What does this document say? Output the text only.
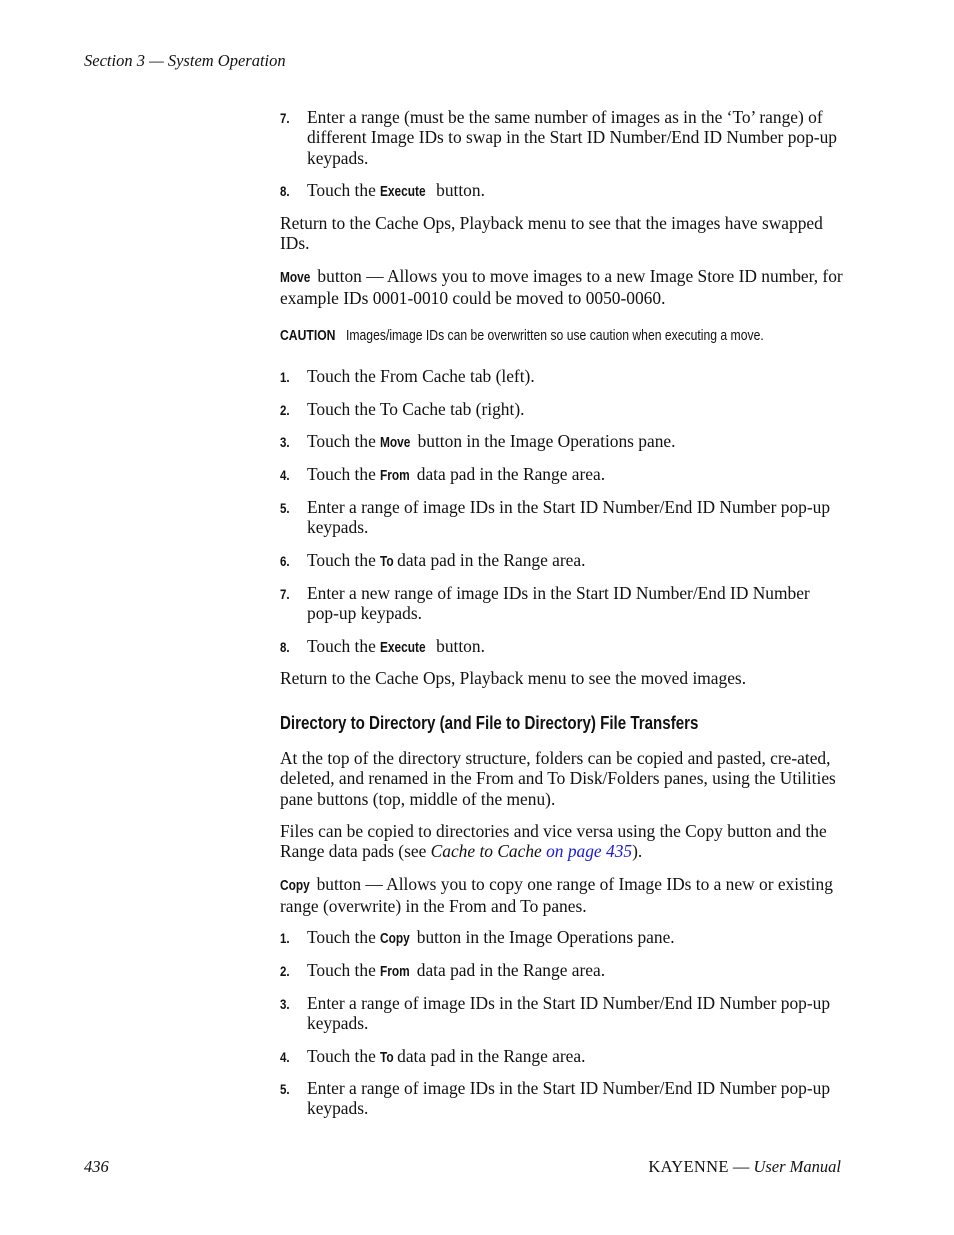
Section 3 — System Operation
7. Enter a range (must be the same number of images as in the ‘To’ range) of different Image IDs to swap in the Start ID Number/End ID Number pop-up keypads.
8. Touch the Execute button.
Return to the Cache Ops, Playback menu to see that the images have swapped IDs.
Move button — Allows you to move images to a new Image Store ID number, for example IDs 0001-0010 could be moved to 0050-0060.
CAUTION Images/image IDs can be overwritten so use caution when executing a move.
1. Touch the From Cache tab (left).
2. Touch the To Cache tab (right).
3. Touch the Move button in the Image Operations pane.
4. Touch the From data pad in the Range area.
5. Enter a range of image IDs in the Start ID Number/End ID Number pop-up keypads.
6. Touch the To data pad in the Range area.
7. Enter a new range of image IDs in the Start ID Number/End ID Number pop-up keypads.
8. Touch the Execute button.
Return to the Cache Ops, Playback menu to see the moved images.
Directory to Directory (and File to Directory) File Transfers
At the top of the directory structure, folders can be copied and pasted, cre-ated, deleted, and renamed in the From and To Disk/Folders panes, using the Utilities pane buttons (top, middle of the menu).
Files can be copied to directories and vice versa using the Copy button and the Range data pads (see Cache to Cache on page 435).
Copy button — Allows you to copy one range of Image IDs to a new or existing range (overwrite) in the From and To panes.
1. Touch the Copy button in the Image Operations pane.
2. Touch the From data pad in the Range area.
3. Enter a range of image IDs in the Start ID Number/End ID Number pop-up keypads.
4. Touch the To data pad in the Range area.
5. Enter a range of image IDs in the Start ID Number/End ID Number pop-up keypads.
436	KAYENNE — User Manual
